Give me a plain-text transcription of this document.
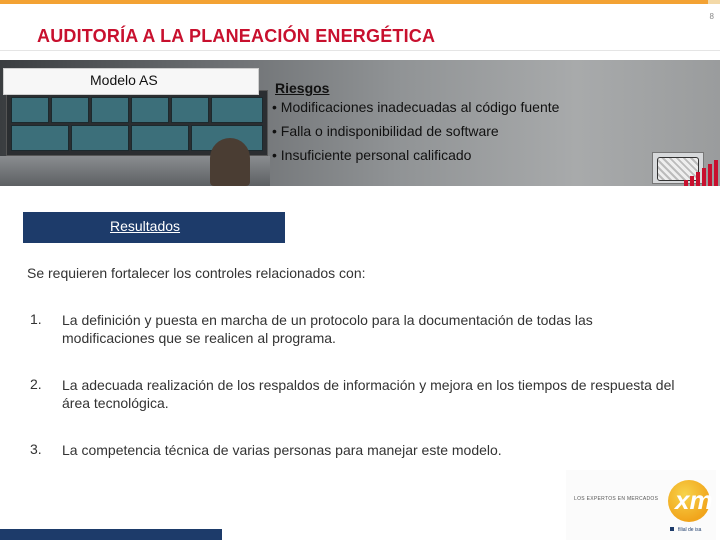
8
AUDITORÍA A LA PLANEACIÓN ENERGÉTICA
Modelo AS	Riesgos
• Modificaciones inadecuadas al código fuente
• Falla o indisponibilidad de software
• Insuficiente personal calificado
Resultados
Se requieren fortalecer los controles relacionados con:
1. La definición y puesta en marcha de un protocolo para la documentación de todas las modificaciones que se realicen al programa.
2. La adecuada realización de los respaldos de información y mejora en los tiempos de respuesta del área tecnológica.
3. La competencia técnica de varias personas para manejar este modelo.
LOS EXPERTOS EN MERCADOS xm
filial de isa
